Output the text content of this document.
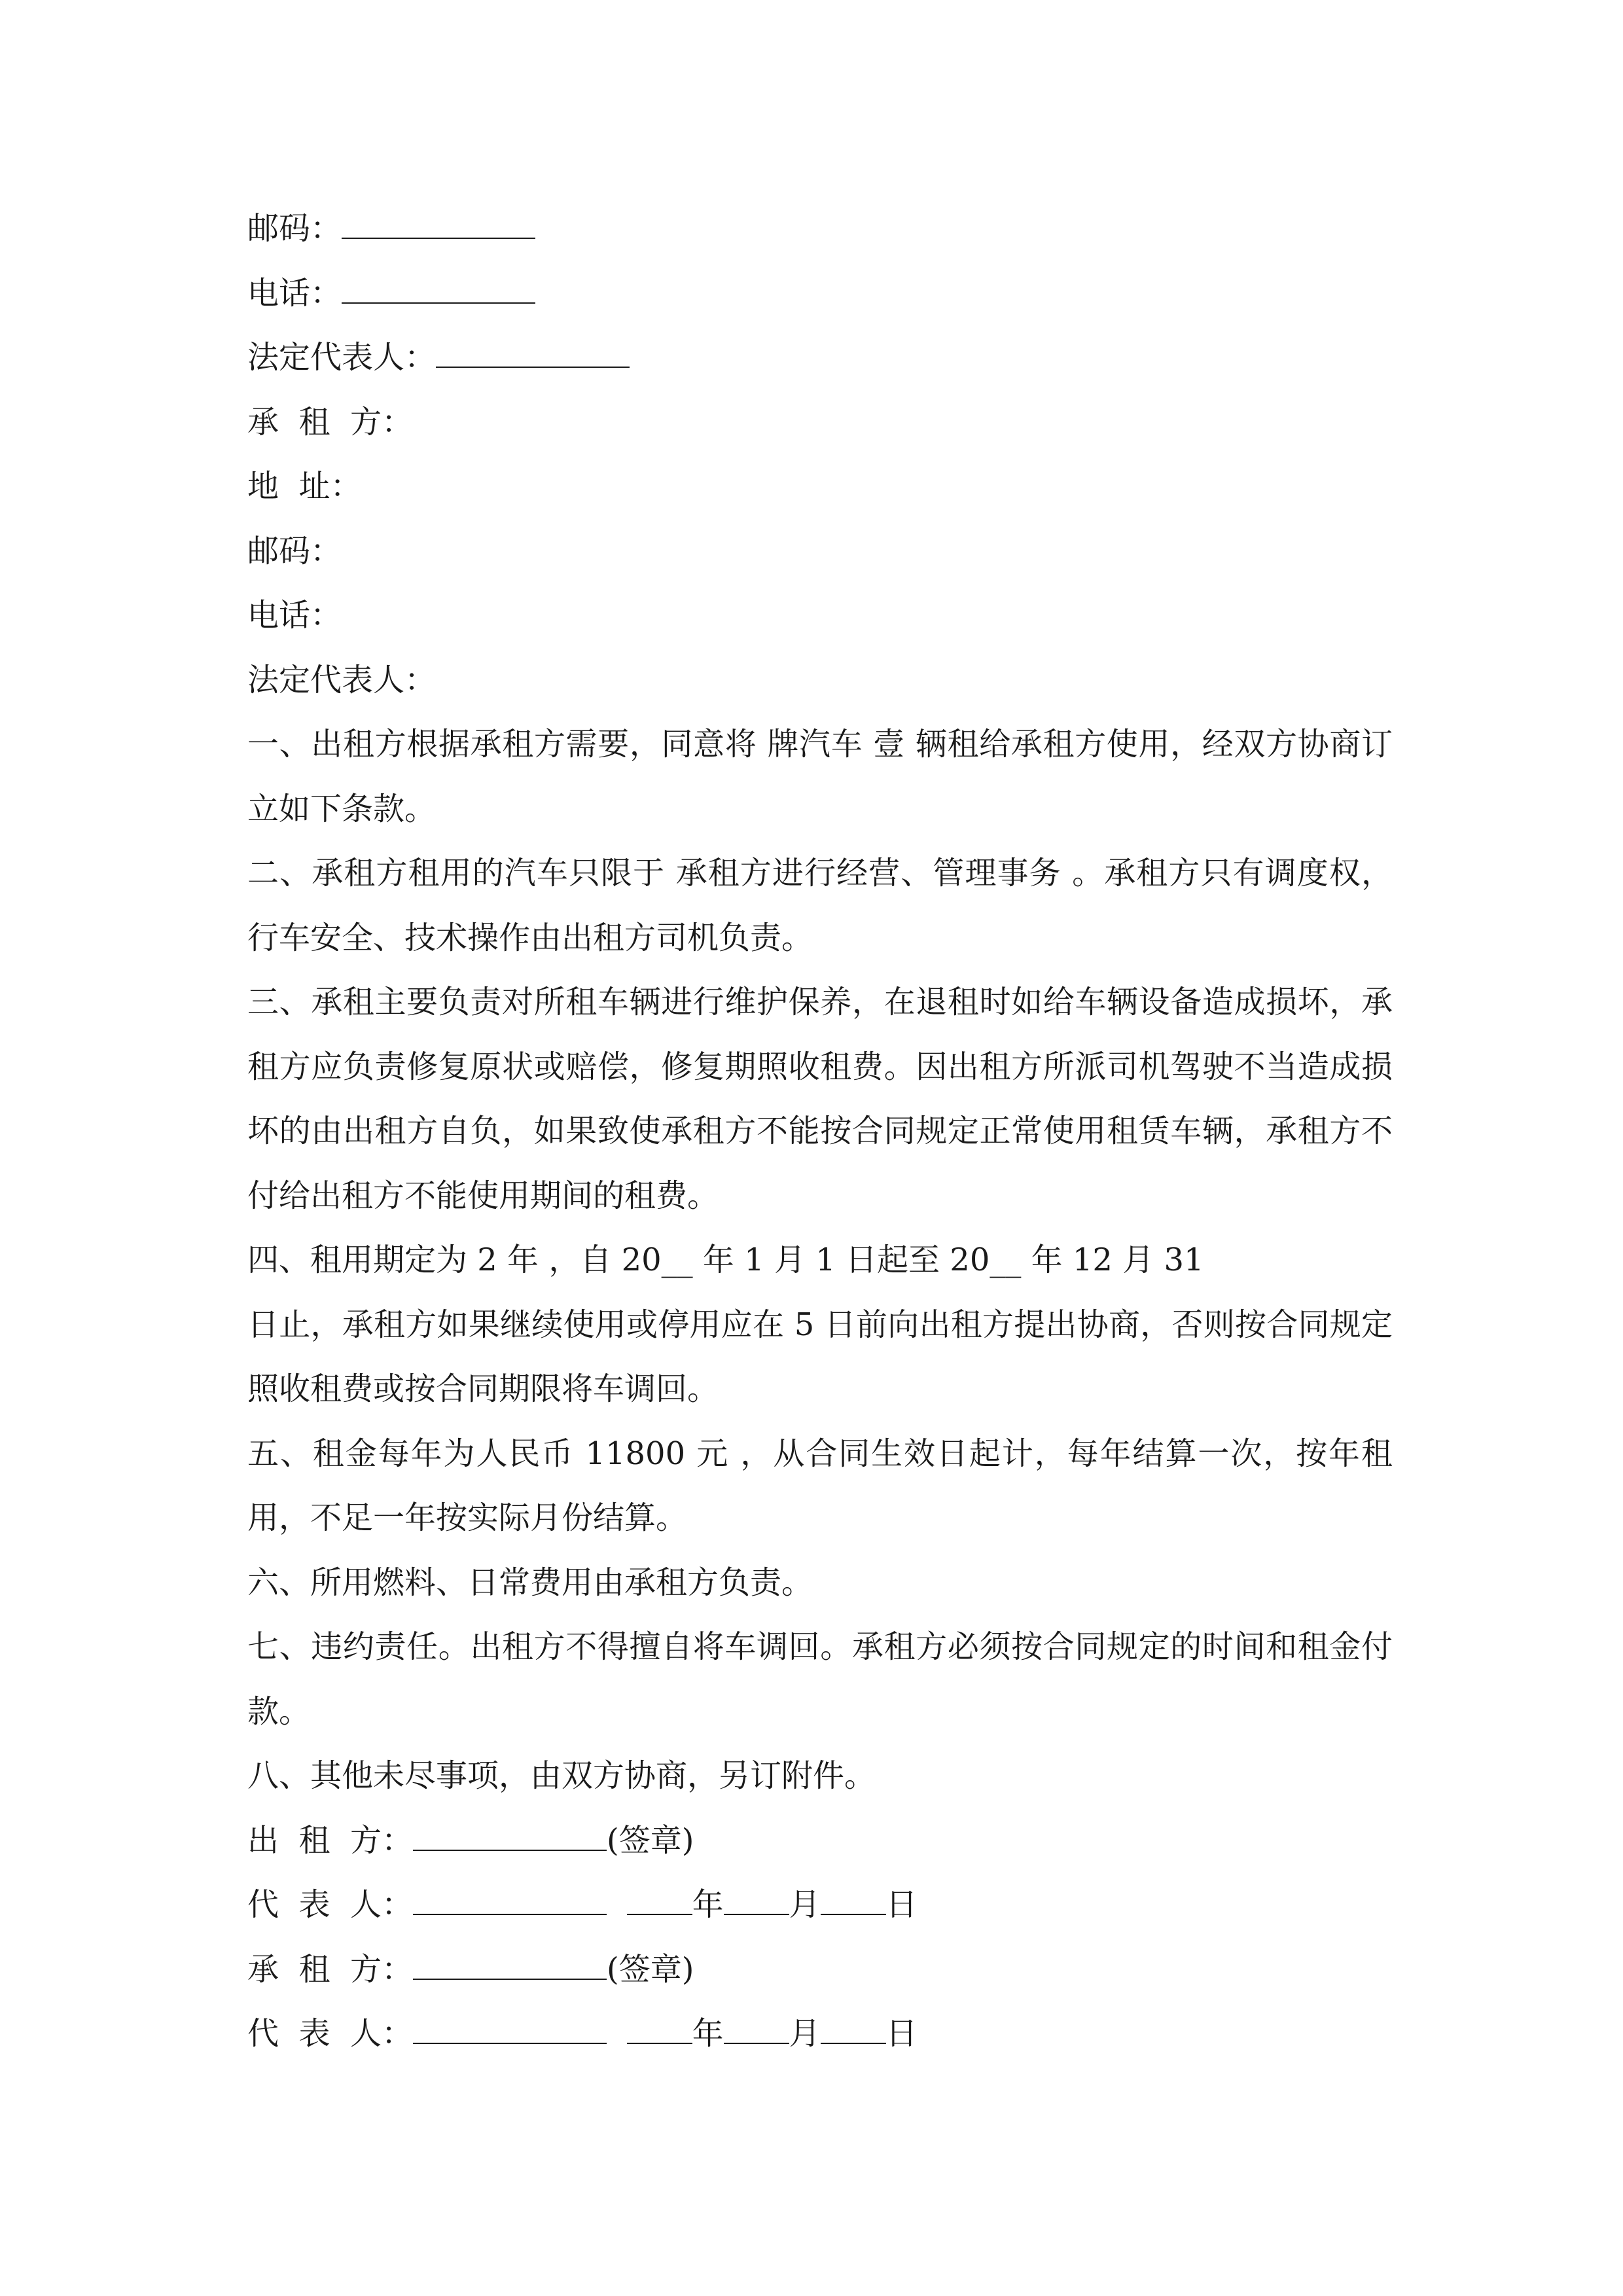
邮码：
电话：
法定代表人：
承  租  方：
地  址：
邮码：
电话：
法定代表人：
一、出租方根据承租方需要，同意将 牌汽车 壹 辆租给承租方使用，经双方协商订立如下条款。
二、承租方租用的汽车只限于 承租方进行经营、管理事务 。承租方只有调度权，行车安全、技术操作由出租方司机负责。
三、承租主要负责对所租车辆进行维护保养，在退租时如给车辆设备造成损坏，承租方应负责修复原状或赔偿，修复期照收租费。因出租方所派司机驾驶不当造成损坏的由出租方自负，如果致使承租方不能按合同规定正常使用租赁车辆，承租方不付给出租方不能使用期间的租费。
四、租用期定为 2 年 ，自 20__ 年 1 月 1 日起至 20__ 年 12 月 31
日止，承租方如果继续使用或停用应在 5 日前向出租方提出协商，否则按合同规定照收租费或按合同期限将车调回。
五、租金每年为人民币 11800 元 ，从合同生效日起计，每年结算一次，按年租用，不足一年按实际月份结算。
六、所用燃料、日常费用由承租方负责。
七、违约责任。出租方不得擅自将车调回。承租方必须按合同规定的时间和租金付款。
八、其他未尽事项，由双方协商，另订附件。
出  租  方：	(签章)
代  表  人：	年 月 日
承  租  方：	(签章)
代  表  人：	年 月 日
